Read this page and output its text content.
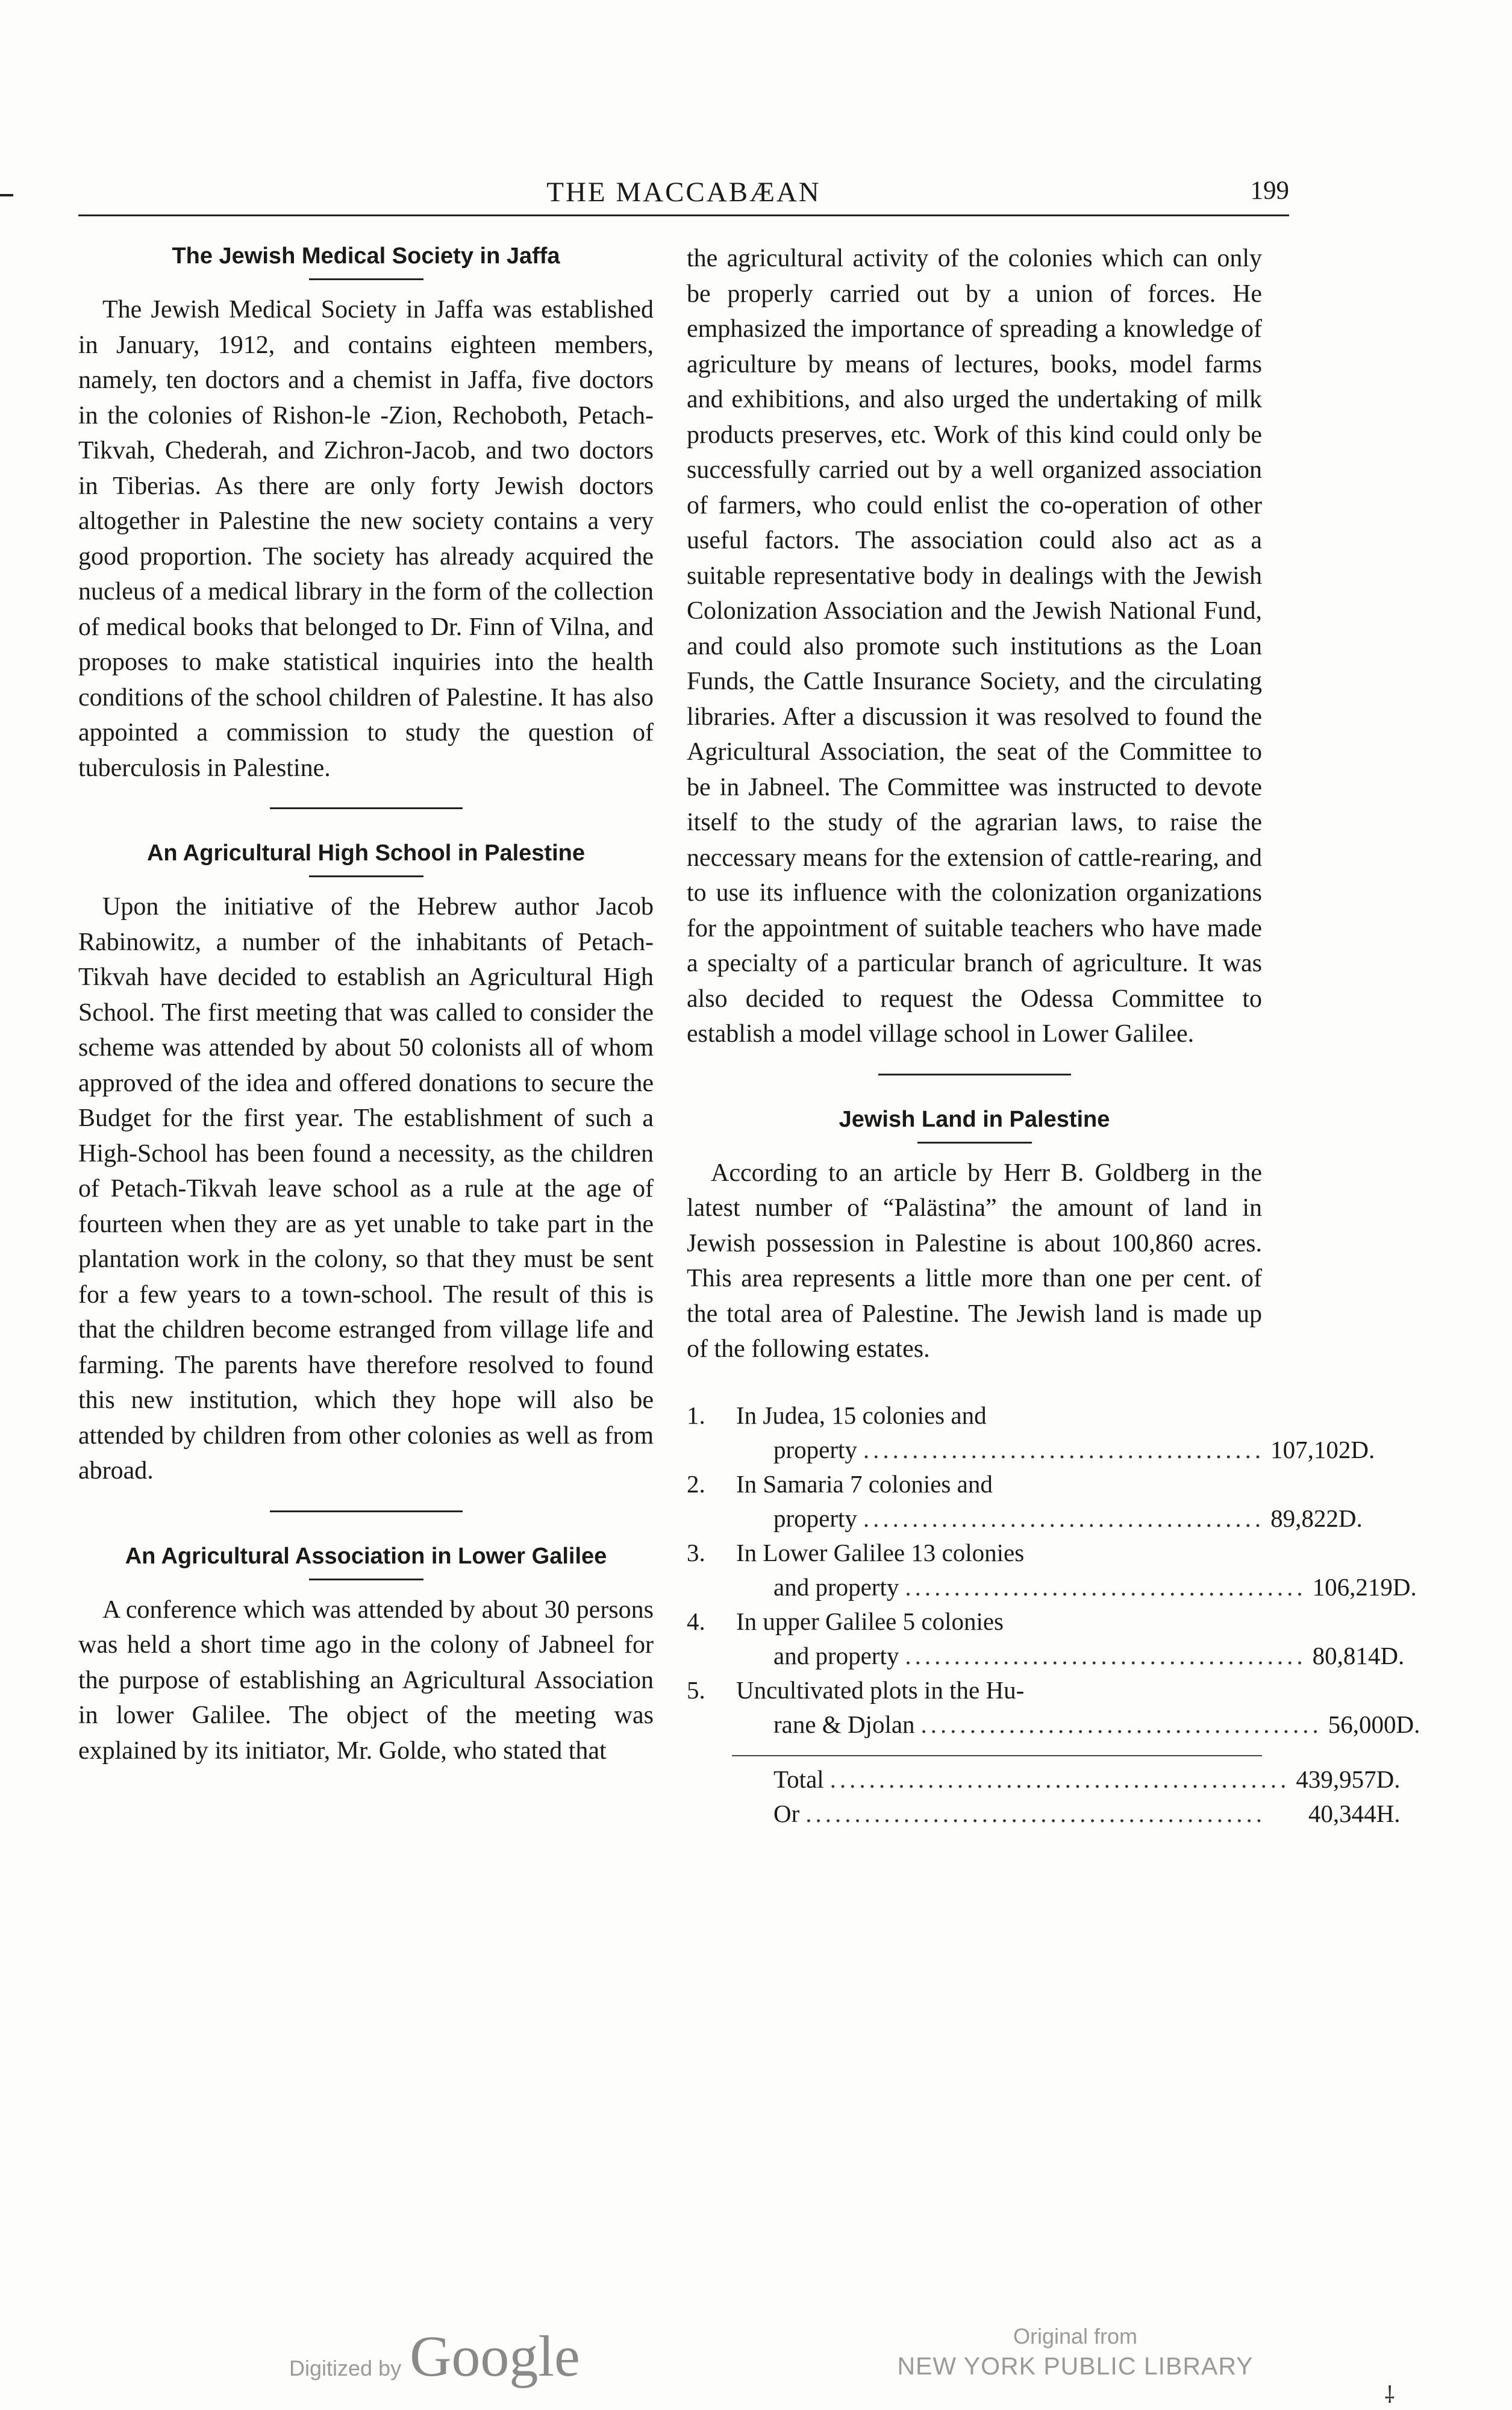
THE MACCABÆAN	199
The Jewish Medical Society in Jaffa

The Jewish Medical Society in Jaffa was established in January, 1912, and contains eighteen members, namely, ten doctors and a chemist in Jaffa, five doctors in the colonies of Rishon-le -Zion, Rechoboth, Petach-Tikvah, Chederah, and Zichron-Jacob, and two doctors in Tiberias. As there are only forty Jewish doctors altogether in Palestine the new society contains a very good proportion. The society has already acquired the nucleus of a medical library in the form of the collection of medical books that belonged to Dr. Finn of Vilna, and proposes to make statistical inquiries into the health conditions of the school children of Palestine. It has also appointed a commission to study the question of tuberculosis in Palestine.

An Agricultural High School in Palestine

Upon the initiative of the Hebrew author Jacob Rabinowitz, a number of the inhabitants of Petach-Tikvah have decided to establish an Agricultural High School. The first meeting that was called to consider the scheme was attended by about 50 colonists all of whom approved of the idea and offered donations to secure the Budget for the first year. The establishment of such a High-School has been found a necessity, as the children of Petach-Tikvah leave school as a rule at the age of fourteen when they are as yet unable to take part in the plantation work in the colony, so that they must be sent for a few years to a town-school. The result of this is that the children become estranged from village life and farming. The parents have therefore resolved to found this new institution, which they hope will also be attended by children from other colonies as well as from abroad.

An Agricultural Association in Lower Galilee

A conference which was attended by about 30 persons was held a short time ago in the colony of Jabneel for the purpose of establishing an Agricultural Association in lower Galilee. The object of the meeting was explained by its initiator, Mr. Golde, who stated that

the agricultural activity of the colonies which can only be properly carried out by a union of forces. He emphasized the importance of spreading a knowledge of agriculture by means of lectures, books, model farms and exhibitions, and also urged the undertaking of milk products preserves, etc. Work of this kind could only be successfully carried out by a well organized association of farmers, who could enlist the co-operation of other useful factors. The association could also act as a suitable representative body in dealings with the Jewish Colonization Association and the Jewish National Fund, and could also promote such institutions as the Loan Funds, the Cattle Insurance Society, and the circulating libraries. After a discussion it was resolved to found the Agricultural Association, the seat of the Committee to be in Jabneel. The Committee was instructed to devote itself to the study of the agrarian laws, to raise the neccessary means for the extension of cattle-rearing, and to use its influence with the colonization organizations for the appointment of suitable teachers who have made a specialty of a particular branch of agriculture. It was also decided to request the Odessa Committee to establish a model village school in Lower Galilee.

Jewish Land in Palestine

According to an article by Herr B. Goldberg in the latest number of “Palästina” the amount of land in Jewish possession in Palestine is about 100,860 acres. This area represents a little more than one per cent. of the total area of Palestine. The Jewish land is made up of the following estates.

1.	In Judea, 15 colonies and
property ......................................... 107,102D.
2.	In Samaria 7 colonies and
property ......................................... 89,822D.
3.	In Lower Galilee 13 colonies
and property ......................................... 106,219D.
4.	In upper Galilee 5 colonies
and property ......................................... 80,814D.
5.	Uncultivated plots in the Hu-
rane & Djolan ......................................... 56,000D.
Total ............................................... 439,957D.
Or ...............................................	40,344H.
Digitized by Google	Original from
NEW YORK PUBLIC LIBRARY
⸸
